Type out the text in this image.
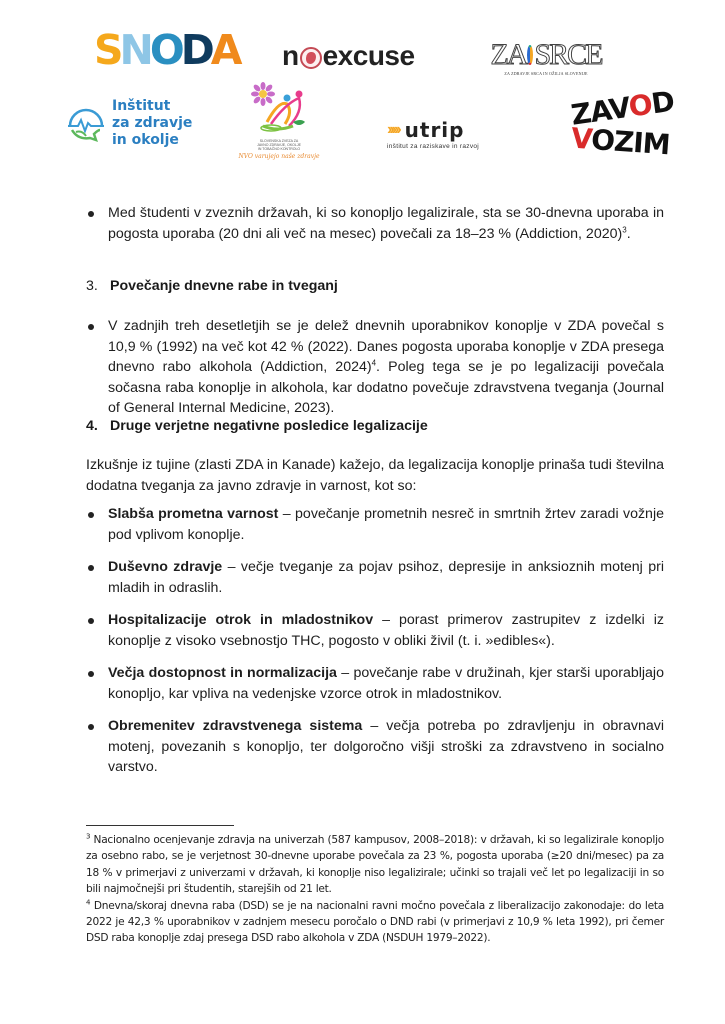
S N O D A n excuse	ZA SRCE
ZA ZDRAVJE SRCA IN OŽILJA SLOVENIJE
Inštitut
za zdravje
in okolje	SLOVENSKA ZVEZA ZA
JAVNO ZDRAVJE, OKOLJE
IN TOBAČNO KONTROLO
NVO varujejo naše zdravje
››››› utrip
inštitut za raziskave in razvoj
ZAVOD
VOZIM
Med študenti v zveznih državah, ki so konopljo legalizirale, sta se 30-dnevna uporaba in pogosta uporaba (20 dni ali več na mesec) povečali za 18–23 % (Addiction, 2020)$^3$.
3. Povečanje dnevne rabe in tveganj
V zadnjih treh desetletjih se je delež dnevnih uporabnikov konoplje v ZDA povečal s 10,9 % (1992) na več kot 42 % (2022). Danes pogosta uporaba konoplje v ZDA presega dnevno rabo alkohola (Addiction, 2024)$^4$. Poleg tega se je po legalizaciji povečala sočasna raba konoplje in alkohola, kar dodatno povečuje zdravstvena tveganja (Journal of General Internal Medicine, 2023).
4. Druge verjetne negativne posledice legalizacije
Izkušnje iz tujine (zlasti ZDA in Kanade) kažejo, da legalizacija konoplje prinaša tudi številna dodatna tveganja za javno zdravje in varnost, kot so:
Slabša prometna varnost – povečanje prometnih nesreč in smrtnih žrtev zaradi vožnje pod vplivom konoplje.
Duševno zdravje – večje tveganje za pojav psihoz, depresije in anksioznih motenj pri mladih in odraslih.
Hospitalizacije otrok in mladostnikov – porast primerov zastrupitev z izdelki iz konoplje z visoko vsebnostjo THC, pogosto v obliki živil (t. i. »edibles«).
Večja dostopnost in normalizacija – povečanje rabe v družinah, kjer starši uporabljajo konopljo, kar vpliva na vedenjske vzorce otrok in mladostnikov.
Obremenitev zdravstvenega sistema – večja potreba po zdravljenju in obravnavi motenj, povezanih s konopljo, ter dolgoročno višji stroški za zdravstveno in socialno varstvo.
$^3$ Nacionalno ocenjevanje zdravja na univerzah (587 kampusov, 2008–2018): v državah, ki so legalizirale konopljo za osebno rabo, se je verjetnost 30-dnevne uporabe povečala za 23 %, pogosta uporaba (≥20 dni/mesec) pa za 18 % v primerjavi z univerzami v državah, ki konoplje niso legalizirale; učinki so trajali več let po legalizaciji in so bili najmočnejši pri študentih, starejših od 21 let.
$^4$ Dnevna/skoraj dnevna raba (DSD) se je na nacionalni ravni močno povečala z liberalizacijo zakonodaje: do leta 2022 je 42,3 % uporabnikov v zadnjem mesecu poročalo o DND rabi (v primerjavi z 10,9 % leta 1992), pri čemer DSD raba konoplje zdaj presega DSD rabo alkohola v ZDA (NSDUH 1979–2022).
